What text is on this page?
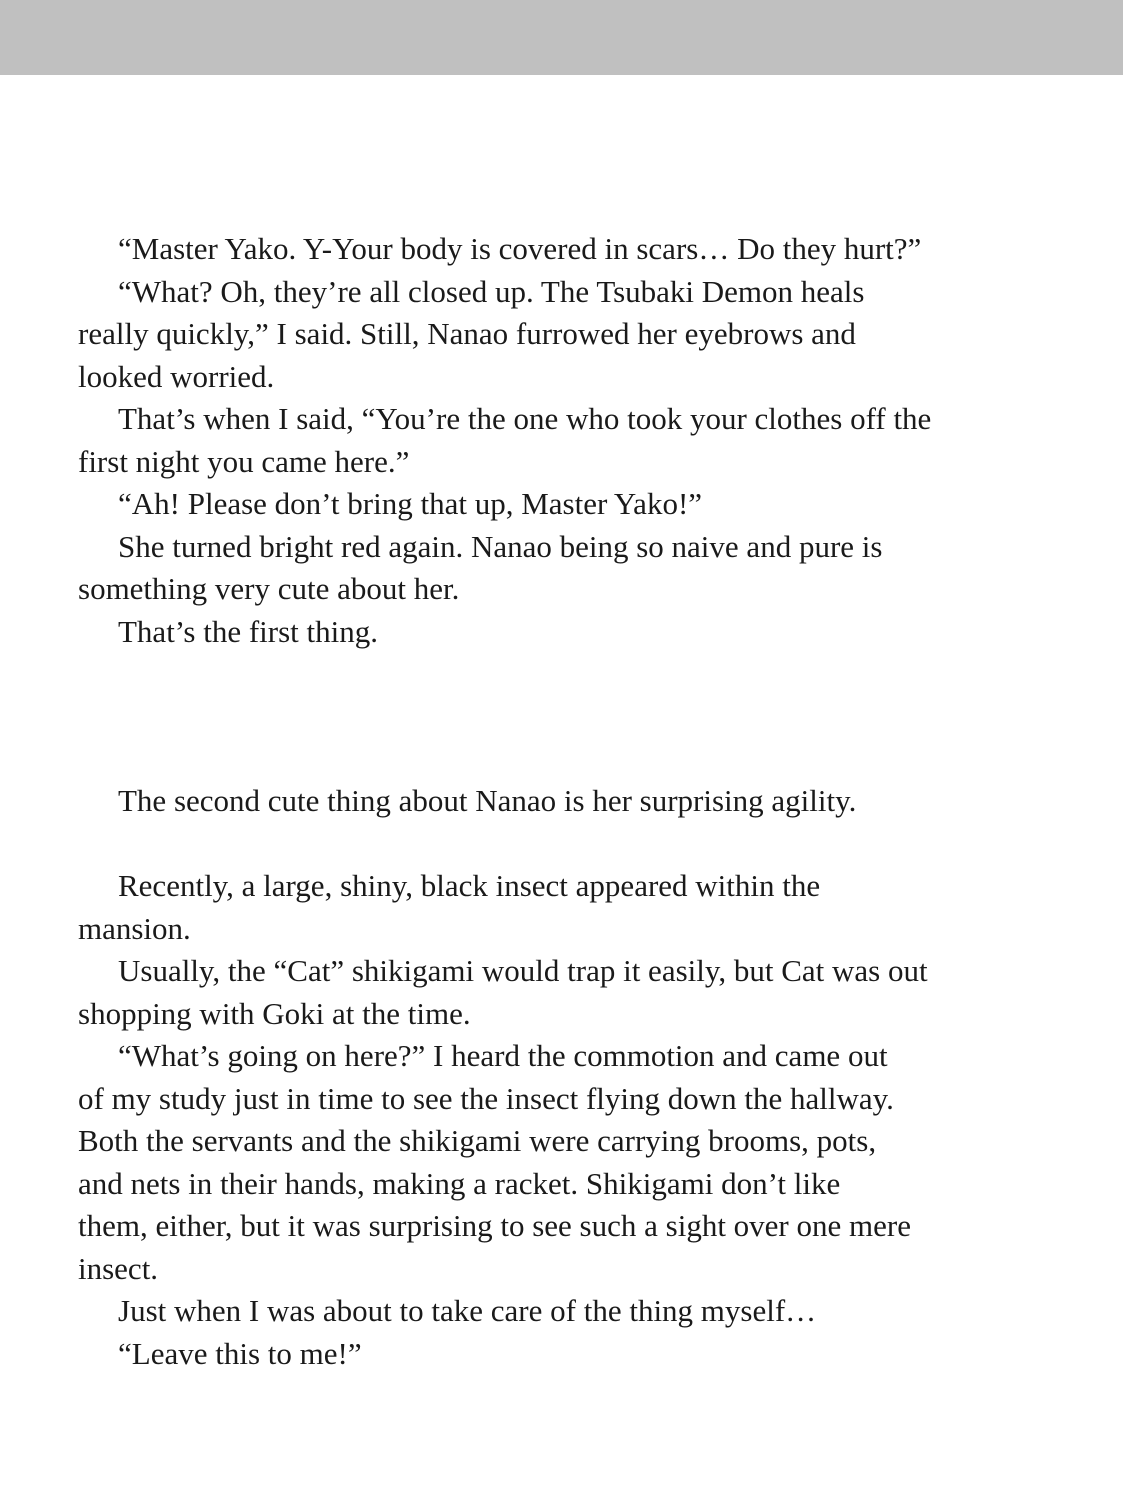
“Master Yako. Y-Your body is covered in scars… Do they hurt?”
“What? Oh, they’re all closed up. The Tsubaki Demon heals
really quickly,” I said. Still, Nanao furrowed her eyebrows and
looked worried.
That’s when I said, “You’re the one who took your clothes off the
first night you came here.”
“Ah! Please don’t bring that up, Master Yako!”
She turned bright red again. Nanao being so naive and pure is
something very cute about her.
That’s the first thing.
The second cute thing about Nanao is her surprising agility.
Recently, a large, shiny, black insect appeared within the
mansion.
Usually, the “Cat” shikigami would trap it easily, but Cat was out
shopping with Goki at the time.
“What’s going on here?” I heard the commotion and came out
of my study just in time to see the insect flying down the hallway.
Both the servants and the shikigami were carrying brooms, pots,
and nets in their hands, making a racket. Shikigami don’t like
them, either, but it was surprising to see such a sight over one mere
insect.
Just when I was about to take care of the thing myself…
“Leave this to me!”
